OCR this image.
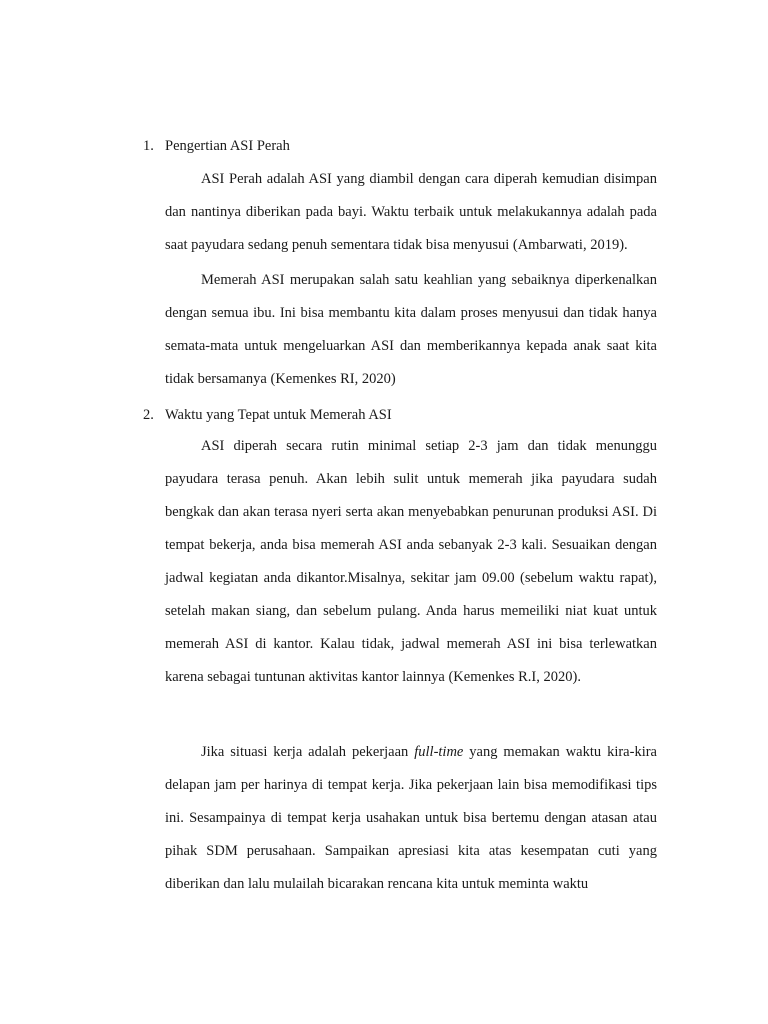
1. Pengertian ASI Perah

ASI Perah adalah ASI yang diambil dengan cara diperah kemudian disimpan dan nantinya diberikan pada bayi. Waktu terbaik untuk melakukannya adalah pada saat payudara sedang penuh sementara tidak bisa menyusui (Ambarwati, 2019).

Memerah ASI merupakan salah satu keahlian yang sebaiknya diperkenalkan dengan semua ibu. Ini bisa membantu kita dalam proses menyusui dan tidak hanya semata-mata untuk mengeluarkan ASI dan memberikannya kepada anak saat kita tidak bersamanya (Kemenkes RI, 2020)

2. Waktu yang Tepat untuk Memerah ASI

ASI diperah secara rutin minimal setiap 2-3 jam dan tidak menunggu payudara terasa penuh. Akan lebih sulit untuk memerah jika payudara sudah bengkak dan akan terasa nyeri serta akan menyebabkan penurunan produksi ASI. Di tempat bekerja, anda bisa memerah ASI anda sebanyak 2-3 kali. Sesuaikan dengan jadwal kegiatan anda dikantor.Misalnya, sekitar jam 09.00 (sebelum waktu rapat), setelah makan siang, dan sebelum pulang. Anda harus memeiliki niat kuat untuk memerah ASI di kantor. Kalau tidak, jadwal memerah ASI ini bisa terlewatkan karena sebagai tuntunan aktivitas kantor lainnya (Kemenkes R.I, 2020).

Jika situasi kerja adalah pekerjaan full-time yang memakan waktu kira-kira delapan jam per harinya di tempat kerja. Jika pekerjaan lain bisa memodifikasi tips ini. Sesampainya di tempat kerja usahakan untuk bisa bertemu dengan atasan atau pihak SDM perusahaan. Sampaikan apresiasi kita atas kesempatan cuti yang diberikan dan lalu mulailah bicarakan rencana kita untuk meminta waktu
